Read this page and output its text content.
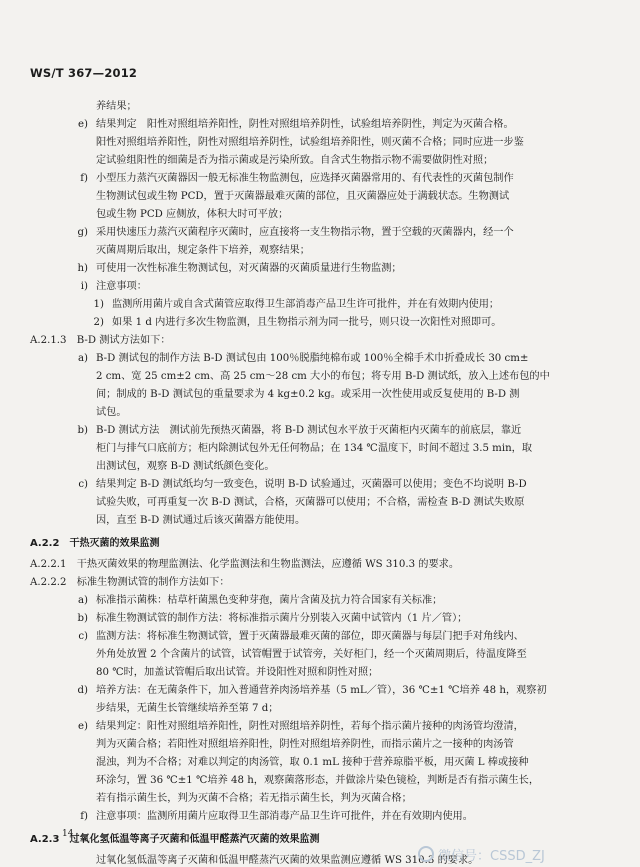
WS/T 367—2012
养结果；
e) 结果判定　阳性对照组培养阳性，阴性对照组培养阴性，试验组培养阴性，判定为灭菌合格。
阳性对照组培养阳性，阴性对照组培养阴性，试验组培养阳性，则灭菌不合格；同时应进一步鉴
定试验组阳性的细菌是否为指示菌或是污染所致。自含式生物指示物不需要做阴性对照；
f) 小型压力蒸汽灭菌器因一般无标准生物监测包，应选择灭菌器常用的、有代表性的灭菌包制作
生物测试包或生物 PCD，置于灭菌器最难灭菌的部位，且灭菌器应处于满载状态。生物测试
包或生物 PCD 应侧放，体积大时可平放；
g) 采用快速压力蒸汽灭菌程序灭菌时，应直接将一支生物指示物，置于空载的灭菌器内，经一个
灭菌周期后取出，规定条件下培养，观察结果；
h) 可使用一次性标准生物测试包，对灭菌器的灭菌质量进行生物监测；
i) 注意事项：
1) 监测所用菌片或自含式菌管应取得卫生部消毒产品卫生许可批件，并在有效期内使用；
2) 如果 1 d 内进行多次生物监测，且生物指示剂为同一批号，则只设一次阳性对照即可。
A.2.1.3　 B-D 测试方法如下：
a) B-D 测试包的制作方法 B-D 测试包由 100％脱脂纯棉布或 100％全棉手术巾折叠成长 30 cm±
2 cm、宽 25 cm±2 cm、高 25 cm～28 cm 大小的布包；将专用 B-D 测试纸，放入上述布包的中
间；制成的 B-D 测试包的重量要求为 4 kg±0.2 kg。或采用一次性使用或反复使用的 B-D 测
试包。
b) B-D 测试方法　测试前先预热灭菌器，将 B-D 测试包水平放于灭菌柜内灭菌车的前底层，靠近
柜门与排气口底前方；柜内除测试包外无任何物品；在 134 ℃温度下，时间不超过 3.5 min，取
出测试包，观察 B-D 测试纸颜色变化。
c) 结果判定 B-D 测试纸均匀一致变色，说明 B-D 试验通过，灭菌器可以使用；变色不均说明 B-D
试验失败，可再重复一次 B-D 测试，合格，灭菌器可以使用；不合格，需检查 B-D 测试失败原
因，直至 B-D 测试通过后该灭菌器方能使用。
A.2.2　 干热灭菌的效果监测
A.2.2.1　 干热灭菌效果的物理监测法、化学监测法和生物监测法，应遵循 WS 310.3 的要求。
A.2.2.2　 标准生物测试管的制作方法如下：
a) 标准指示菌株：枯草杆菌黑色变种芽孢，菌片含菌及抗力符合国家有关标准；
b) 标准生物测试管的制作方法：将标准指示菌片分别装入灭菌中试管内（1 片／管）；
c) 监测方法：将标准生物测试管，置于灭菌器最难灭菌的部位，即灭菌器与每层门把手对角线内、
外角处放置 2 个含菌片的试管，试管帽置于试管旁，关好柜门，经一个灭菌周期后，待温度降至
80 ℃时，加盖试管帽后取出试管。并设阳性对照和阴性对照；
d) 培养方法：在无菌条件下，加入普通营养肉汤培养基（5 mL／管），36 ℃±1 ℃培养 48 h，观察初
步结果，无菌生长管继续培养至第 7 d；
e) 结果判定：阳性对照组培养阳性，阴性对照组培养阴性，若每个指示菌片接种的肉汤管均澄清，
判为灭菌合格；若阳性对照组培养阳性，阴性对照组培养阴性，而指示菌片之一接种的肉汤管
混浊，判为不合格；对难以判定的肉汤管，取 0.1 mL 接种于营养琼脂平板，用灭菌 L 棒或接种
环涂匀，置 36 ℃±1 ℃培养 48 h，观察菌落形态，并做涂片染色镜检，判断是否有指示菌生长，
若有指示菌生长，判为灭菌不合格；若无指示菌生长，判为灭菌合格；
f) 注意事项：监测所用菌片应取得卫生部消毒产品卫生许可批件，并在有效期内使用。
A.2.3　 过氧化氢低温等离子灭菌和低温甲醛蒸汽灭菌的效果监测
过氧化氢低温等离子灭菌和低温甲醛蒸汽灭菌的效果监测应遵循 WS 310.3 的要求。
14
微信号：CSSD_ZJ
